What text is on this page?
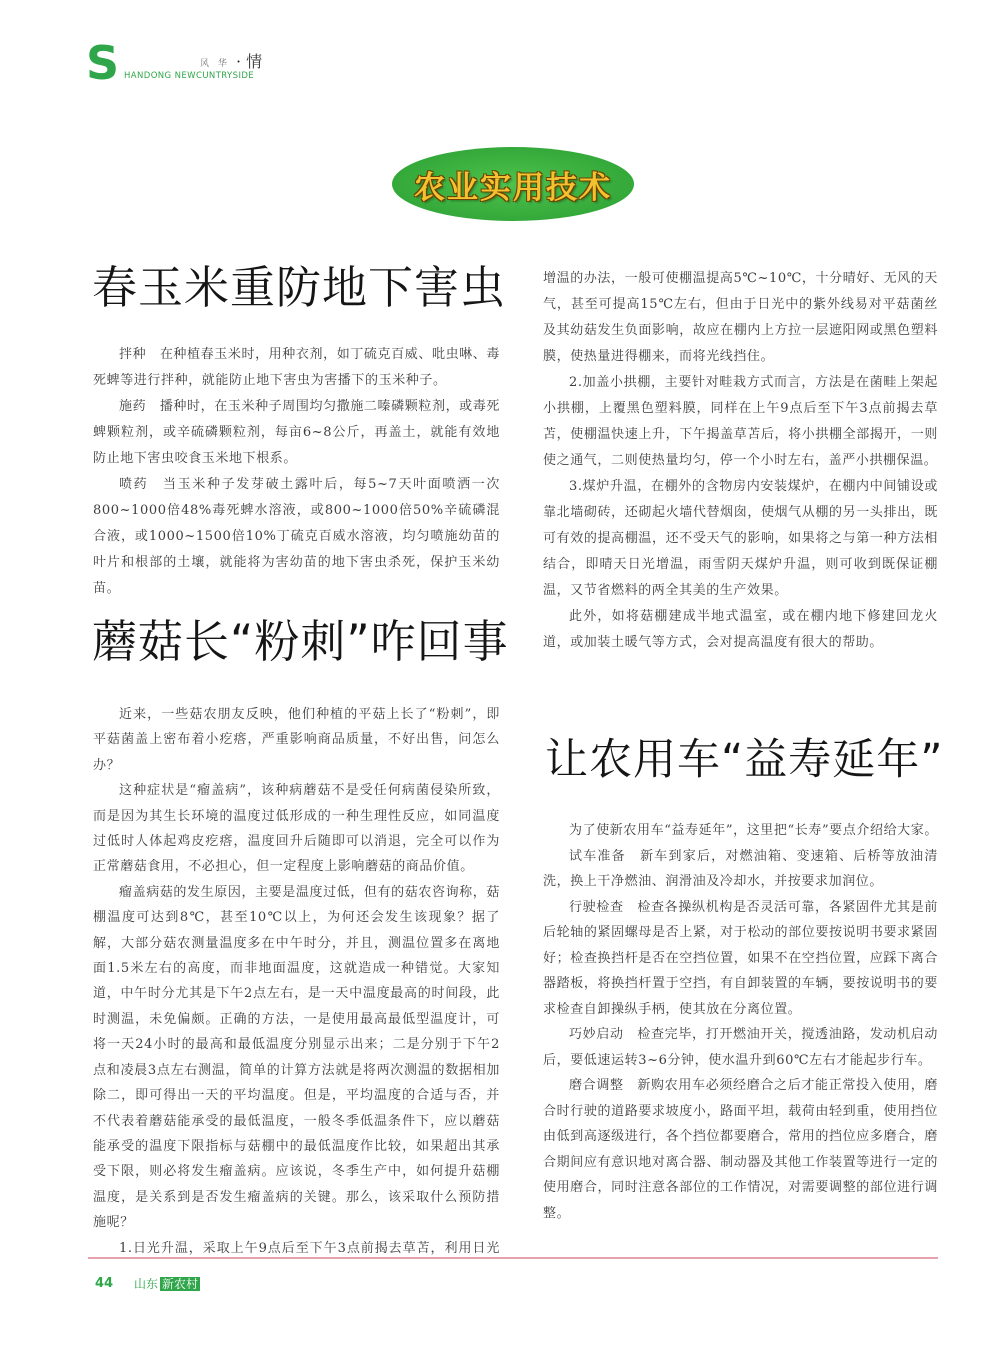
S HANDONG NEWCUNTRYSIDE
风 华 · 情
农业实用技术
春玉米重防地下害虫

拌种　在种植春玉米时，用种衣剂，如丁硫克百威、吡虫啉、毒死蜱等进行拌种，就能防止地下害虫为害播下的玉米种子。

施药　播种时，在玉米种子周围均匀撒施二嗪磷颗粒剂，或毒死蜱颗粒剂，或辛硫磷颗粒剂，每亩6~8公斤，再盖土，就能有效地防止地下害虫咬食玉米地下根系。

喷药　当玉米种子发芽破土露叶后，每5~7天叶面喷洒一次800~1000倍48%毒死蜱水溶液，或800~1000倍50%辛硫磷混合液，或1000~1500倍10%丁硫克百威水溶液，均匀喷施幼苗的叶片和根部的土壤，就能将为害幼苗的地下害虫杀死，保护玉米幼苗。

蘑菇长“粉刺”咋回事

近来，一些菇农朋友反映，他们种植的平菇上长了“粉刺”，即平菇菌盖上密布着小疙瘩，严重影响商品质量，不好出售，问怎么办？

这种症状是“瘤盖病”，该种病蘑菇不是受任何病菌侵染所致，而是因为其生长环境的温度过低形成的一种生理性反应，如同温度过低时人体起鸡皮疙瘩，温度回升后随即可以消退，完全可以作为正常蘑菇食用，不必担心，但一定程度上影响蘑菇的商品价值。

瘤盖病菇的发生原因，主要是温度过低，但有的菇农咨询称，菇棚温度可达到8℃，甚至10℃以上，为何还会发生该现象？据了解，大部分菇农测量温度多在中午时分，并且，测温位置多在离地面1.5米左右的高度，而非地面温度，这就造成一种错觉。大家知道，中午时分尤其是下午2点左右，是一天中温度最高的时间段，此时测温，未免偏颇。正确的方法，一是使用最高最低型温度计，可将一天24小时的最高和最低温度分别显示出来；二是分别于下午2点和凌晨3点左右测温，简单的计算方法就是将两次测温的数据相加除二，即可得出一天的平均温度。但是，平均温度的合适与否，并不代表着蘑菇能承受的最低温度，一般冬季低温条件下，应以蘑菇能承受的温度下限指标与菇棚中的最低温度作比较，如果超出其承受下限，则必将发生瘤盖病。应该说，冬季生产中，如何提升菇棚温度，是关系到是否发生瘤盖病的关键。那么，该采取什么预防措施呢？

1.日光升温，采取上午9点后至下午3点前揭去草苫，利用日光

增温的办法，一般可使棚温提高5℃~10℃，十分晴好、无风的天气，甚至可提高15℃左右，但由于日光中的紫外线易对平菇菌丝及其幼菇发生负面影响，故应在棚内上方拉一层遮阳网或黑色塑料膜，使热量进得棚来，而将光线挡住。

2.加盖小拱棚，主要针对畦栽方式而言，方法是在菌畦上架起小拱棚，上覆黑色塑料膜，同样在上午9点后至下午3点前揭去草苫，使棚温快速上升，下午揭盖草苫后，将小拱棚全部揭开，一则使之通气，二则使热量均匀，停一个小时左右，盖严小拱棚保温。

3.煤炉升温，在棚外的含物房内安装煤炉，在棚内中间铺设或靠北墙砌砖，还砌起火墙代替烟囱，使烟气从棚的另一头排出，既可有效的提高棚温，还不受天气的影响，如果将之与第一种方法相结合，即晴天日光增温，雨雪阴天煤炉升温，则可收到既保证棚温，又节省燃料的两全其美的生产效果。

此外，如将菇棚建成半地式温室，或在棚内地下修建回龙火道，或加装土暖气等方式，会对提高温度有很大的帮助。

让农用车“益寿延年”

为了使新农用车“益寿延年”，这里把“长寿”要点介绍给大家。

试车准备　新车到家后，对燃油箱、变速箱、后桥等放油清洗，换上干净燃油、润滑油及冷却水，并按要求加润位。

行驶检查　检查各操纵机构是否灵活可靠，各紧固件尤其是前后轮轴的紧固螺母是否上紧，对于松动的部位要按说明书要求紧固好；检查换挡杆是否在空挡位置，如果不在空挡位置，应踩下离合器踏板，将换挡杆置于空挡，有自卸装置的车辆，要按说明书的要求检查自卸操纵手柄，使其放在分离位置。

巧妙启动　检查完毕，打开燃油开关，搅透油路，发动机启动后，要低速运转3~6分钟，使水温升到60℃左右才能起步行车。

磨合调整　新购农用车必须经磨合之后才能正常投入使用，磨合时行驶的道路要求坡度小，路面平坦，载荷由轻到重，使用挡位由低到高逐级进行，各个挡位都要磨合，常用的挡位应多磨合，磨合期间应有意识地对离合器、制动器及其他工作装置等进行一定的使用磨合，同时注意各部位的工作情况，对需要调整的部位进行调整。

44 山东 新农村
